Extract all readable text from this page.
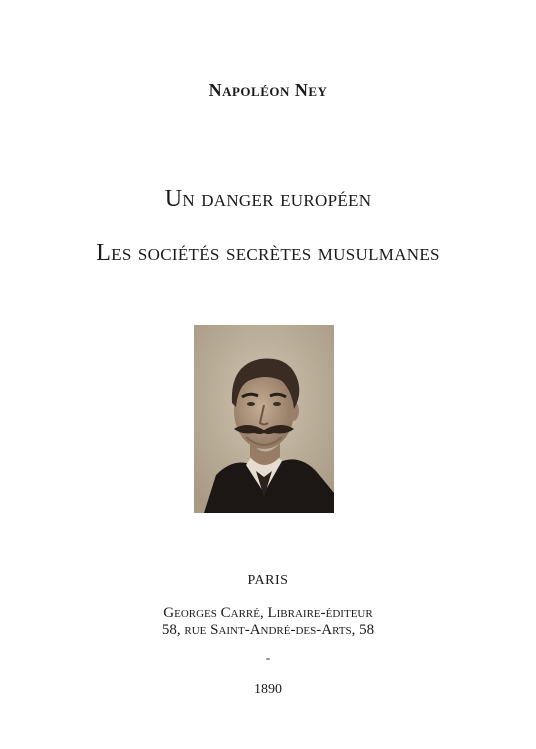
Napoléon Ney
Un danger européen
Les sociétés secrètes musulmanes
PARIS
Georges Carré, Libraire-éditeur
58, rue Saint-André-des-Arts, 58
-
1890
